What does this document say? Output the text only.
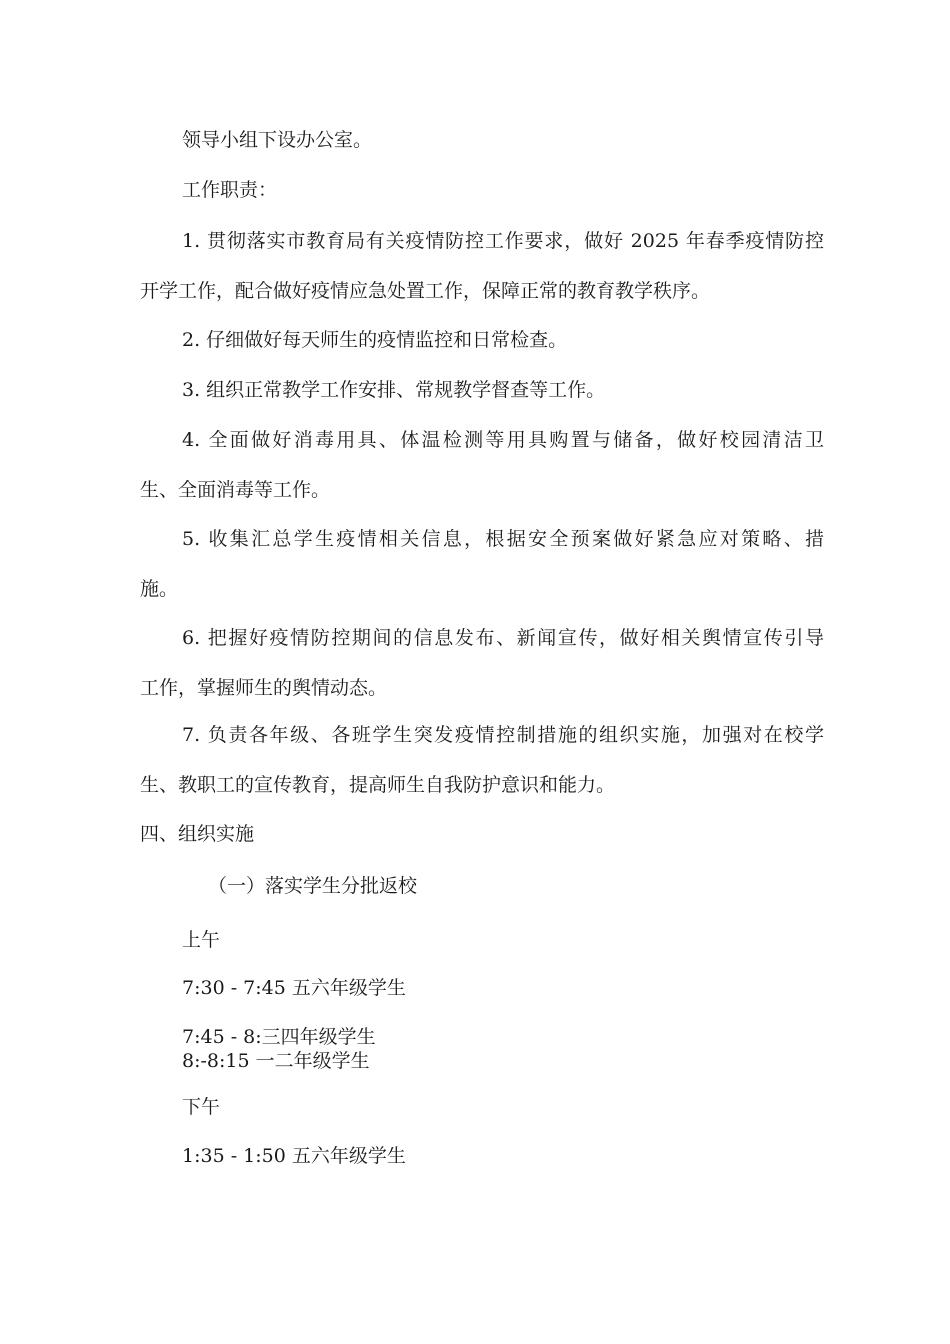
领导小组下设办公室。
工作职责：
1. 贯彻落实市教育局有关疫情防控工作要求，做好 2025 年春季疫情防控
开学工作，配合做好疫情应急处置工作，保障正常的教育教学秩序。
2. 仔细做好每天师生的疫情监控和日常检查。
3. 组织正常教学工作安排、常规教学督查等工作。
4. 全面做好消毒用具、体温检测等用具购置与储备，做好校园清洁卫
生、全面消毒等工作。
5. 收集汇总学生疫情相关信息，根据安全预案做好紧急应对策略、措
施。
6. 把握好疫情防控期间的信息发布、新闻宣传，做好相关舆情宣传引导
工作，掌握师生的舆情动态。
7. 负责各年级、各班学生突发疫情控制措施的组织实施，加强对在校学
生、教职工的宣传教育，提高师生自我防护意识和能力。
四、组织实施
（一）落实学生分批返校
上午
7:30 - 7:45 五六年级学生
7:45 - 8:三四年级学生
8:-8:15 一二年级学生
下午
1:35 - 1:50 五六年级学生
